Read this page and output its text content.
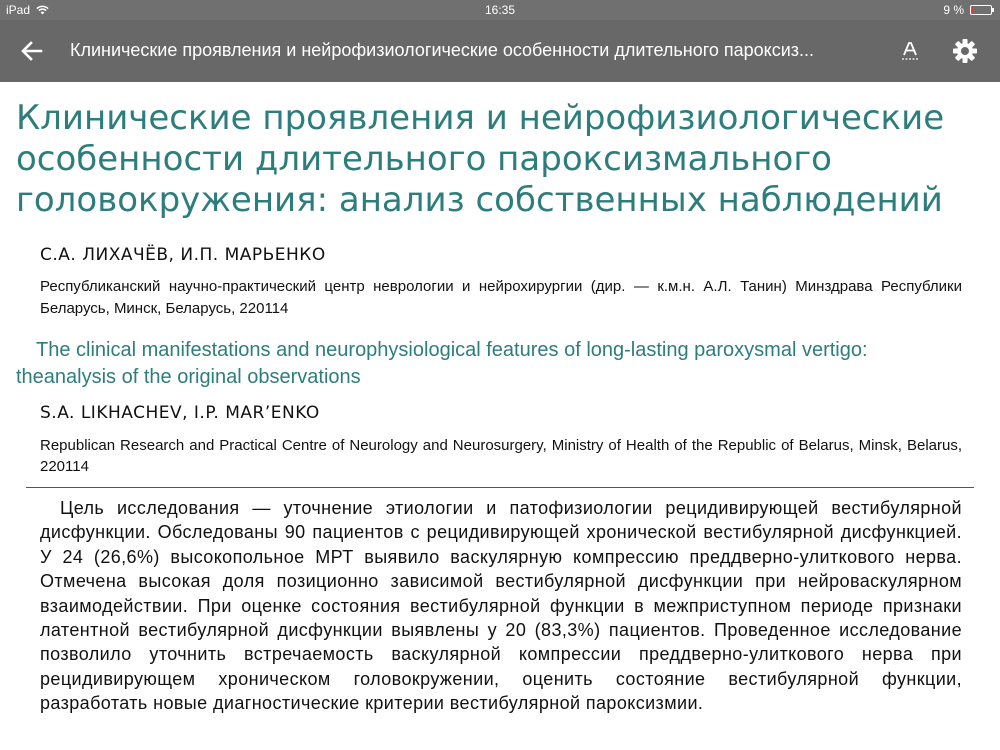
iPad	16:35	9 %
Клинические проявления и нейрофизиологические особенности длительного пароксиз...
Клинические проявления и нейрофизиологические особенности длительного пароксизмального головокружения: анализ собственных наблюдений
С.А. ЛИХАЧЁВ, И.П. МАРЬЕНКО
Республиканский научно-практический центр неврологии и нейрохирургии (дир. — к.м.н. А.Л. Танин) Минздрава Республики Беларусь, Минск, Беларусь, 220114
The clinical manifestations and neurophysiological features of long-lasting paroxysmal vertigo: theanalysis of the original observations
S.A. LIKHACHEV, I.P. MAR’ENKO
Republican Research and Practical Centre of Neurology and Neurosurgery, Ministry of Health of the Republic of Belarus, Minsk, Belarus, 220114
Цель исследования — уточнение этиологии и патофизиологии рецидивирующей вестибулярной дисфункции. Обследованы 90 пациентов с рецидивирующей хронической вестибулярной дисфункцией. У 24 (26,6%) высокопольное МРТ выявило васкулярную компрессию преддверно-улиткового нерва. Отмечена высокая доля позиционно зависимой вестибулярной дисфункции при нейроваскулярном взаимодействии. При оценке состояния вестибулярной функции в межприступном периоде признаки латентной вестибулярной дисфункции выявлены у 20 (83,3%) пациентов. Проведенное исследование позволило уточнить встречаемость васкулярной компрессии преддверно-улиткового нерва при рецидивирующем хроническом головокружении, оценить состояние вестибулярной функции, разработать новые диагностические критерии вестибулярной пароксизмии.
